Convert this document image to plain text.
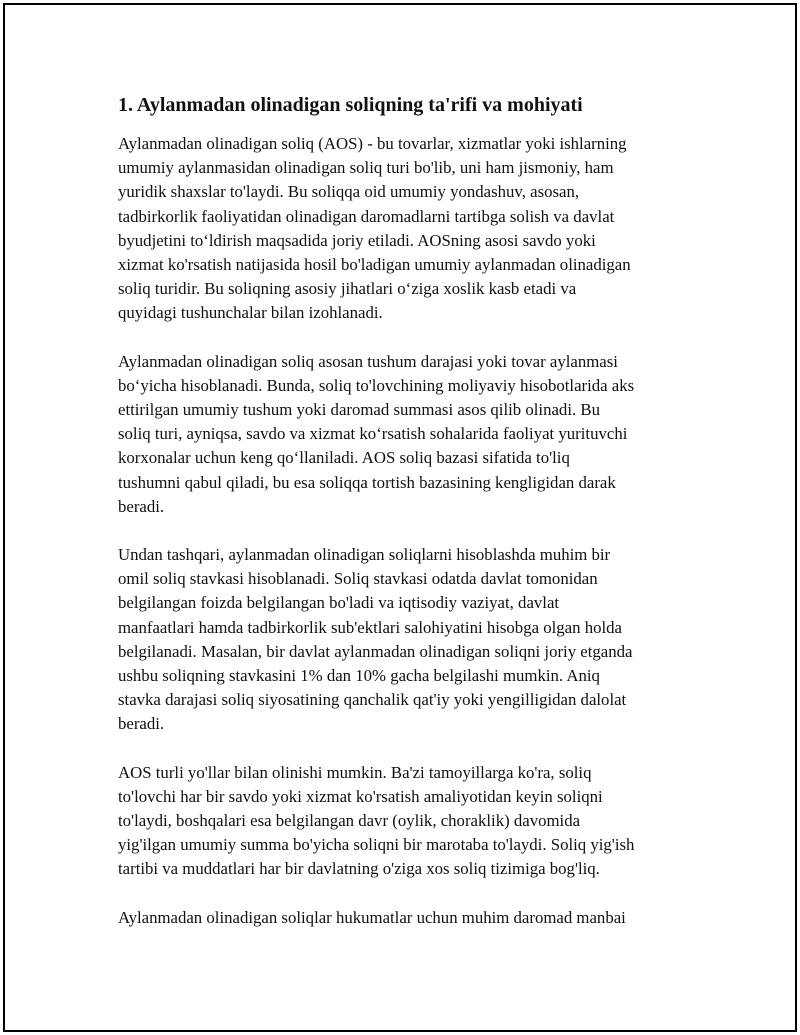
1. Aylanmadan olinadigan soliqning ta'rifi va mohiyati
Aylanmadan olinadigan soliq (AOS) - bu tovarlar, xizmatlar yoki ishlarning
umumiy aylanmasidan olinadigan soliq turi bo'lib, uni ham jismoniy, ham
yuridik shaxslar to'laydi. Bu soliqqa oid umumiy yondashuv, asosan,
tadbirkorlik faoliyatidan olinadigan daromadlarni tartibga solish va davlat
byudjetini to‘ldirish maqsadida joriy etiladi. AOSning asosi savdo yoki
xizmat ko'rsatish natijasida hosil bo'ladigan umumiy aylanmadan olinadigan
soliq turidir. Bu soliqning asosiy jihatlari o‘ziga xoslik kasb etadi va
quyidagi tushunchalar bilan izohlanadi.
Aylanmadan olinadigan soliq asosan tushum darajasi yoki tovar aylanmasi
bo‘yicha hisoblanadi. Bunda, soliq to'lovchining moliyaviy hisobotlarida aks
ettirilgan umumiy tushum yoki daromad summasi asos qilib olinadi. Bu
soliq turi, ayniqsa, savdo va xizmat ko‘rsatish sohalarida faoliyat yurituvchi
korxonalar uchun keng qo‘llaniladi. AOS soliq bazasi sifatida to'liq
tushumni qabul qiladi, bu esa soliqqa tortish bazasining kengligidan darak
beradi.
Undan tashqari, aylanmadan olinadigan soliqlarni hisoblashda muhim bir
omil soliq stavkasi hisoblanadi. Soliq stavkasi odatda davlat tomonidan
belgilangan foizda belgilangan bo'ladi va iqtisodiy vaziyat, davlat
manfaatlari hamda tadbirkorlik sub'ektlari salohiyatini hisobga olgan holda
belgilanadi. Masalan, bir davlat aylanmadan olinadigan soliqni joriy etganda
ushbu soliqning stavkasini 1% dan 10% gacha belgilashi mumkin. Aniq
stavka darajasi soliq siyosatining qanchalik qat'iy yoki yengilligidan dalolat
beradi.
AOS turli yo'llar bilan olinishi mumkin. Ba'zi tamoyillarga ko'ra, soliq
to'lovchi har bir savdo yoki xizmat ko'rsatish amaliyotidan keyin soliqni
to'laydi, boshqalari esa belgilangan davr (oylik, choraklik) davomida
yig'ilgan umumiy summa bo'yicha soliqni bir marotaba to'laydi. Soliq yig'ish
tartibi va muddatlari har bir davlatning o'ziga xos soliq tizimiga bog'liq.
Aylanmadan olinadigan soliqlar hukumatlar uchun muhim daromad manbai
